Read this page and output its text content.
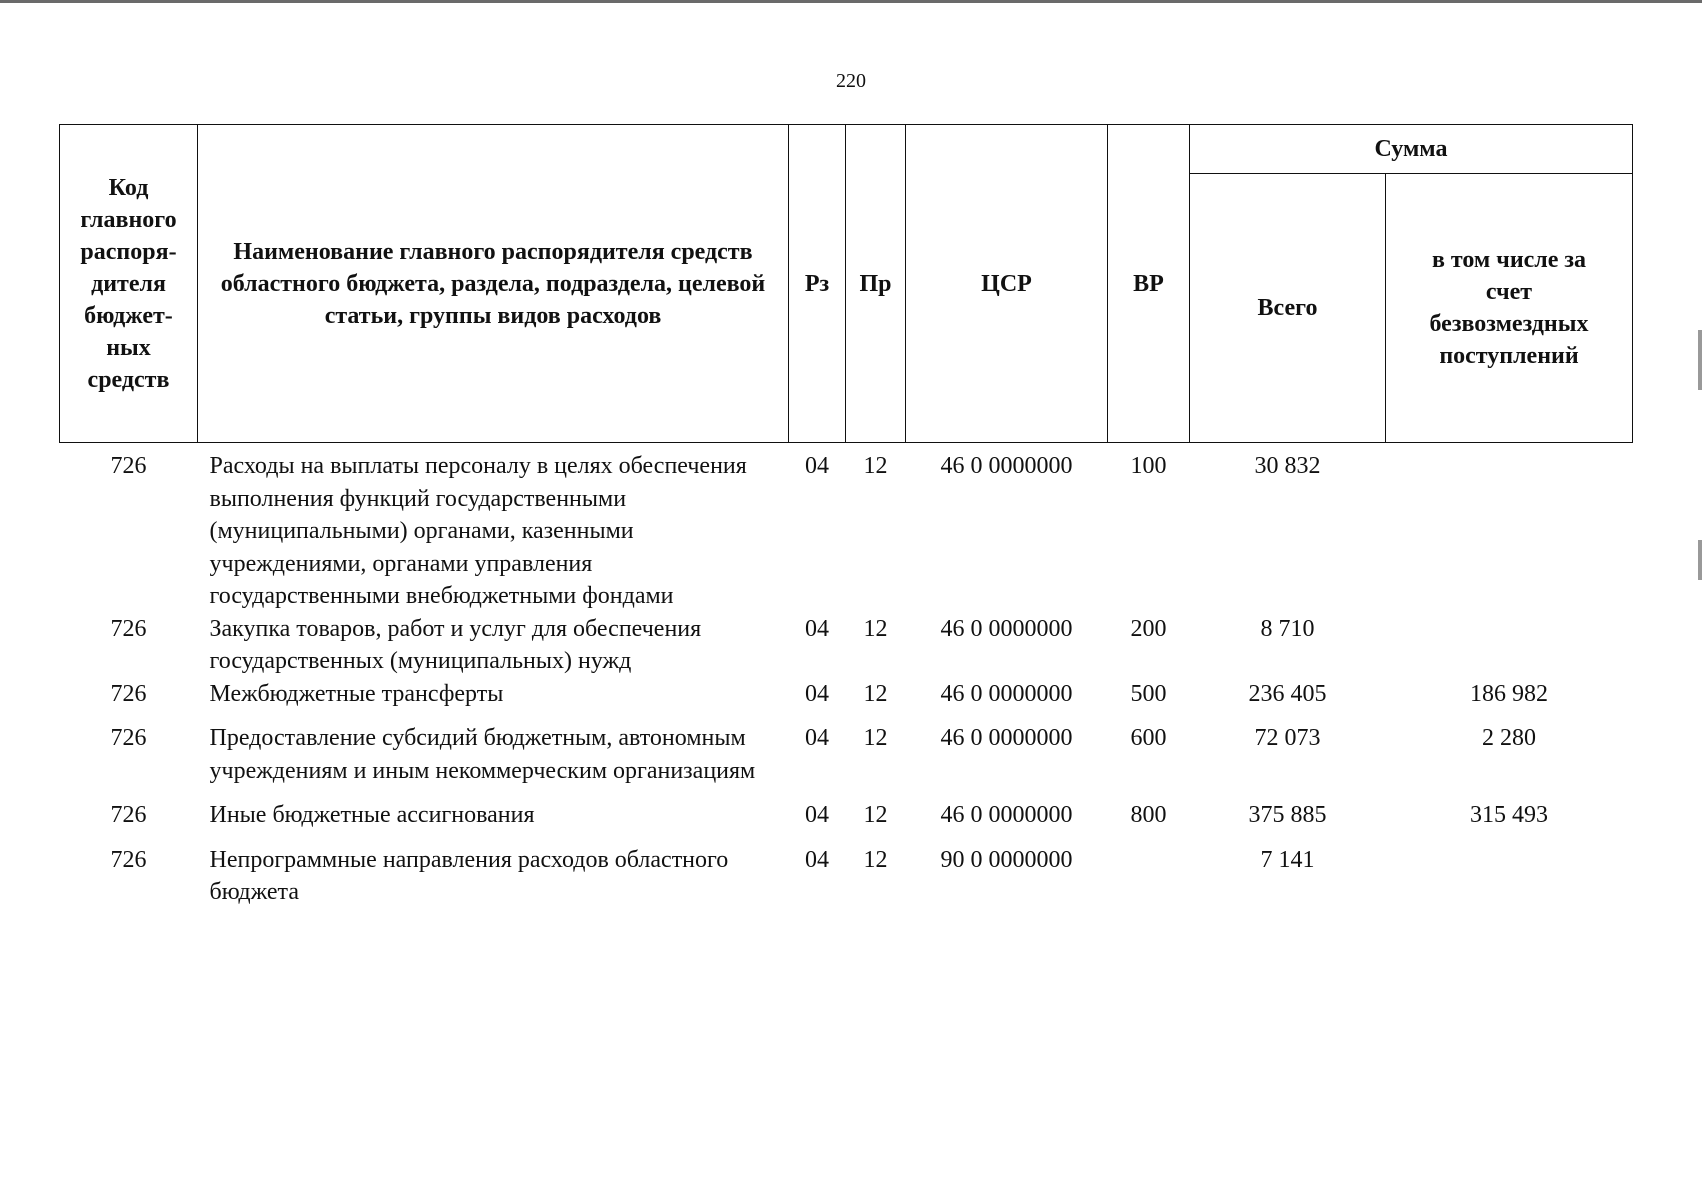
220
Код главного распоря-дителя бюджет-ных средств	Наименование главного распорядителя средств областного бюджета, раздела, подраздела, целевой статьи, группы видов расходов	Рз	Пр	ЦСР	ВР	Сумма	
						Всего	в том числе за счет безвозмездных поступлений
726	Расходы на выплаты персоналу в целях обеспечения выполнения функций государственными (муниципальными) органами, казенными учреждениями, органами управления государственными внебюджетными фондами	04	12	46 0 0000000	100	30 832	
726	Закупка товаров, работ и услуг для обеспечения государственных (муниципальных) нужд	04	12	46 0 0000000	200	8 710	
726	Межбюджетные трансферты	04	12	46 0 0000000	500	236 405	186 982
726	Предоставление субсидий бюджетным, автономным учреждениям и иным некоммерческим организациям	04	12	46 0 0000000	600	72 073	2 280
726	Иные бюджетные ассигнования	04	12	46 0 0000000	800	375 885	315 493
726	Непрограммные направления расходов областного бюджета	04	12	90 0 0000000		7 141	
